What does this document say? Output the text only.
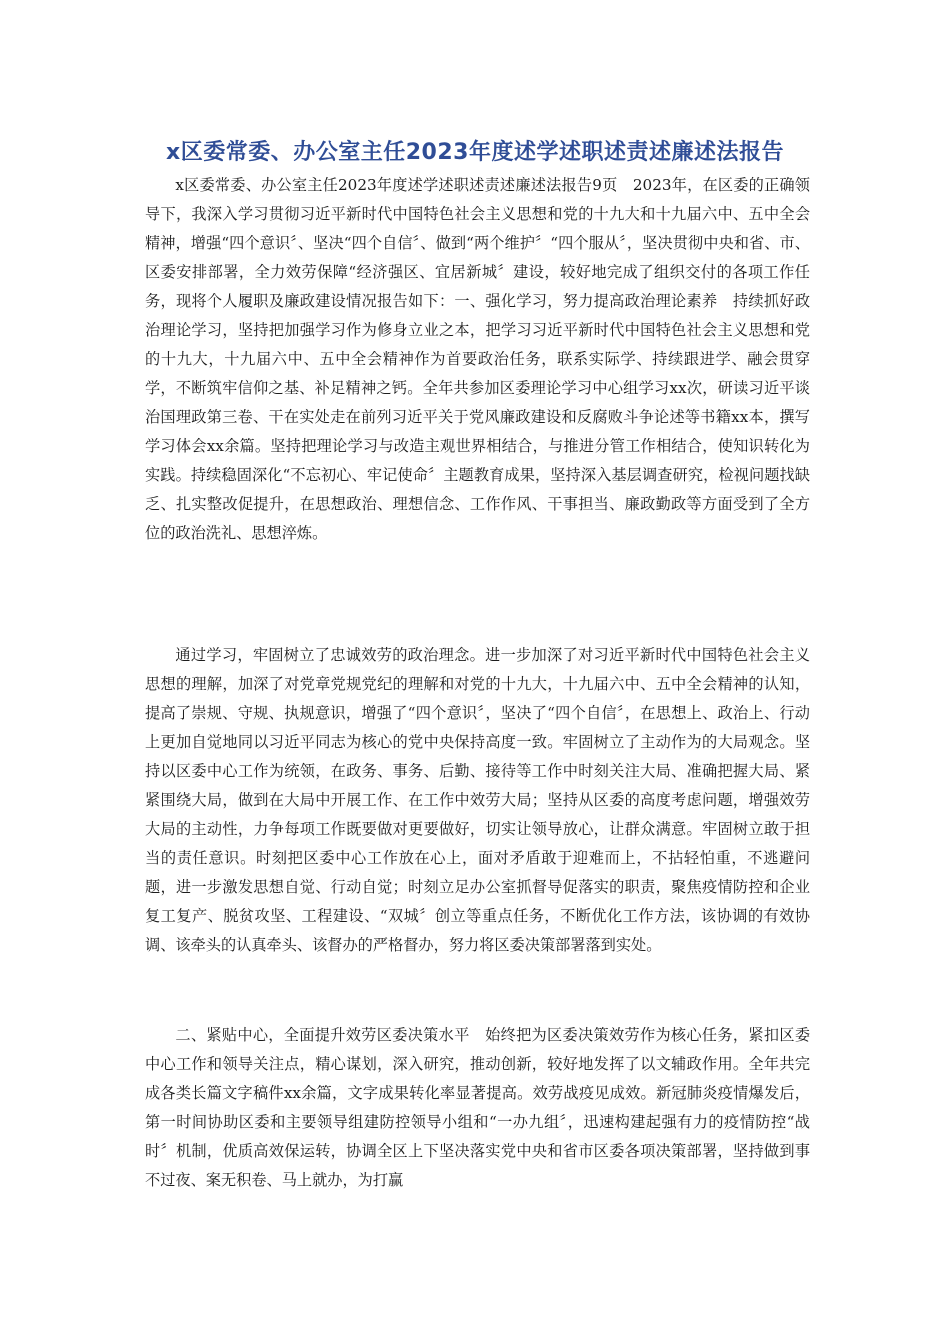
x区委常委、办公室主任2023年度述学述职述责述廉述法报告

x区委常委、办公室主任2023年度述学述职述责述廉述法报告9页　2023年，在区委的正确领导下，我深入学习贯彻习近平新时代中国特色社会主义思想和党的十九大和十九届六中、五中全会精神，增强“四个意识〞、坚决“四个自信〞、做到“两个维护〞“四个服从〞，坚决贯彻中央和省、市、区委安排部署，全力效劳保障“经济强区、宜居新城〞建设，较好地完成了组织交付的各项工作任务，现将个人履职及廉政建设情况报告如下：一、强化学习，努力提高政治理论素养　持续抓好政治理论学习，坚持把加强学习作为修身立业之本，把学习习近平新时代中国特色社会主义思想和党的十九大，十九届六中、五中全会精神作为首要政治任务，联系实际学、持续跟进学、融会贯穿学，不断筑牢信仰之基、补足精神之钙。全年共参加区委理论学习中心组学习xx次，研读习近平谈治国理政第三卷、干在实处走在前列习近平关于党风廉政建设和反腐败斗争论述等书籍xx本，撰写学习体会xx余篇。坚持把理论学习与改造主观世界相结合，与推进分管工作相结合，使知识转化为实践。持续稳固深化“不忘初心、牢记使命〞主题教育成果，坚持深入基层调查研究，检视问题找缺乏、扎实整改促提升，在思想政治、理想信念、工作作风、干事担当、廉政勤政等方面受到了全方位的政治洗礼、思想淬炼。

通过学习，牢固树立了忠诚效劳的政治理念。进一步加深了对习近平新时代中国特色社会主义思想的理解，加深了对党章党规党纪的理解和对党的十九大，十九届六中、五中全会精神的认知，提高了崇规、守规、执规意识，增强了“四个意识〞，坚决了“四个自信〞，在思想上、政治上、行动上更加自觉地同以习近平同志为核心的党中央保持高度一致。牢固树立了主动作为的大局观念。坚持以区委中心工作为统领，在政务、事务、后勤、接待等工作中时刻关注大局、准确把握大局、紧紧围绕大局，做到在大局中开展工作、在工作中效劳大局；坚持从区委的高度考虑问题，增强效劳大局的主动性，力争每项工作既要做对更要做好，切实让领导放心，让群众满意。牢固树立敢于担当的责任意识。时刻把区委中心工作放在心上，面对矛盾敢于迎难而上，不拈轻怕重，不逃避问题，进一步激发思想自觉、行动自觉；时刻立足办公室抓督导促落实的职责，聚焦疫情防控和企业复工复产、脱贫攻坚、工程建设、“双城〞创立等重点任务，不断优化工作方法，该协调的有效协调、该牵头的认真牵头、该督办的严格督办，努力将区委决策部署落到实处。

二、紧贴中心，全面提升效劳区委决策水平　始终把为区委决策效劳作为核心任务，紧扣区委中心工作和领导关注点，精心谋划，深入研究，推动创新，较好地发挥了以文辅政作用。全年共完成各类长篇文字稿件xx余篇，文字成果转化率显著提高。效劳战疫见成效。新冠肺炎疫情爆发后，第一时间协助区委和主要领导组建防控领导小组和“一办九组〞，迅速构建起强有力的疫情防控“战时〞机制，优质高效保运转，协调全区上下坚决落实党中央和省市区委各项决策部署，坚持做到事不过夜、案无积卷、马上就办，为打赢
